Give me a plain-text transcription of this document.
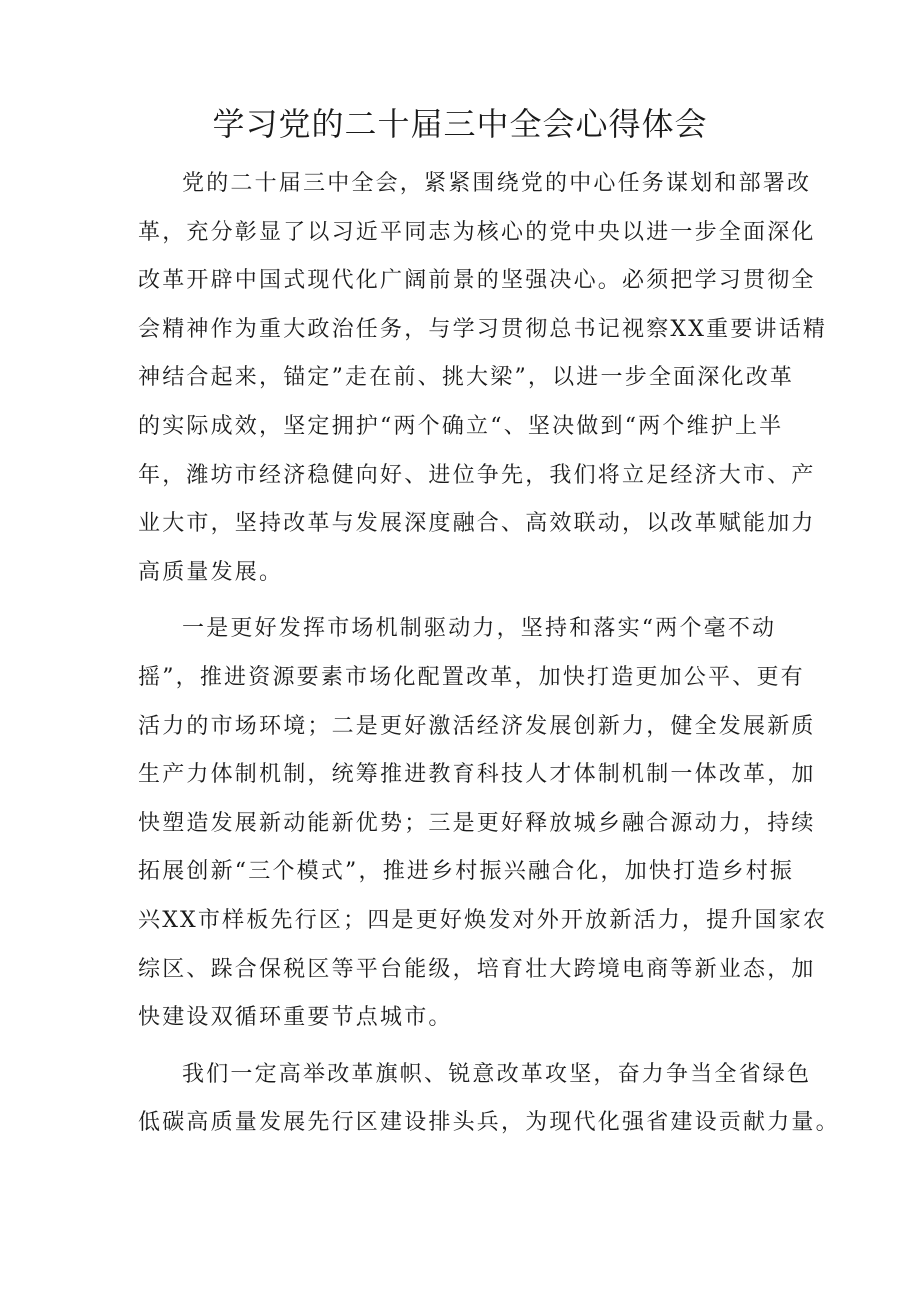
学习党的二十届三中全会心得体会

党的二十届三中全会，紧紧围绕党的中心任务谋划和部署改
革，充分彰显了以习近平同志为核心的党中央以进一步全面深化
改革开辟中国式现代化广阔前景的坚强决心。必须把学习贯彻全
会精神作为重大政治任务，与学习贯彻总书记视察XX重要讲话精
神结合起来，锚定”走在前、挑大梁”，以进一步全面深化改革
的实际成效，坚定拥护“两个确立“、坚决做到“两个维护上半
年，潍坊市经济稳健向好、进位争先，我们将立足经济大市、产
业大市，坚持改革与发展深度融合、高效联动，以改革赋能加力
高质量发展。

一是更好发挥市场机制驱动力，坚持和落实“两个毫不动
摇”，推进资源要素市场化配置改革，加快打造更加公平、更有
活力的市场环境；二是更好激活经济发展创新力，健全发展新质
生产力体制机制，统筹推进教育科技人才体制机制一体改革，加
快塑造发展新动能新优势；三是更好释放城乡融合源动力，持续
拓展创新“三个模式”，推进乡村振兴融合化，加快打造乡村振
兴XX市样板先行区；四是更好焕发对外开放新活力，提升国家农
综区、跺合保税区等平台能级，培育壮大跨境电商等新业态，加
快建设双循环重要节点城市。

我们一定高举改革旗帜、锐意改革攻坚，奋力争当全省绿色
低碳高质量发展先行区建设排头兵，为现代化强省建设贡献力量。
